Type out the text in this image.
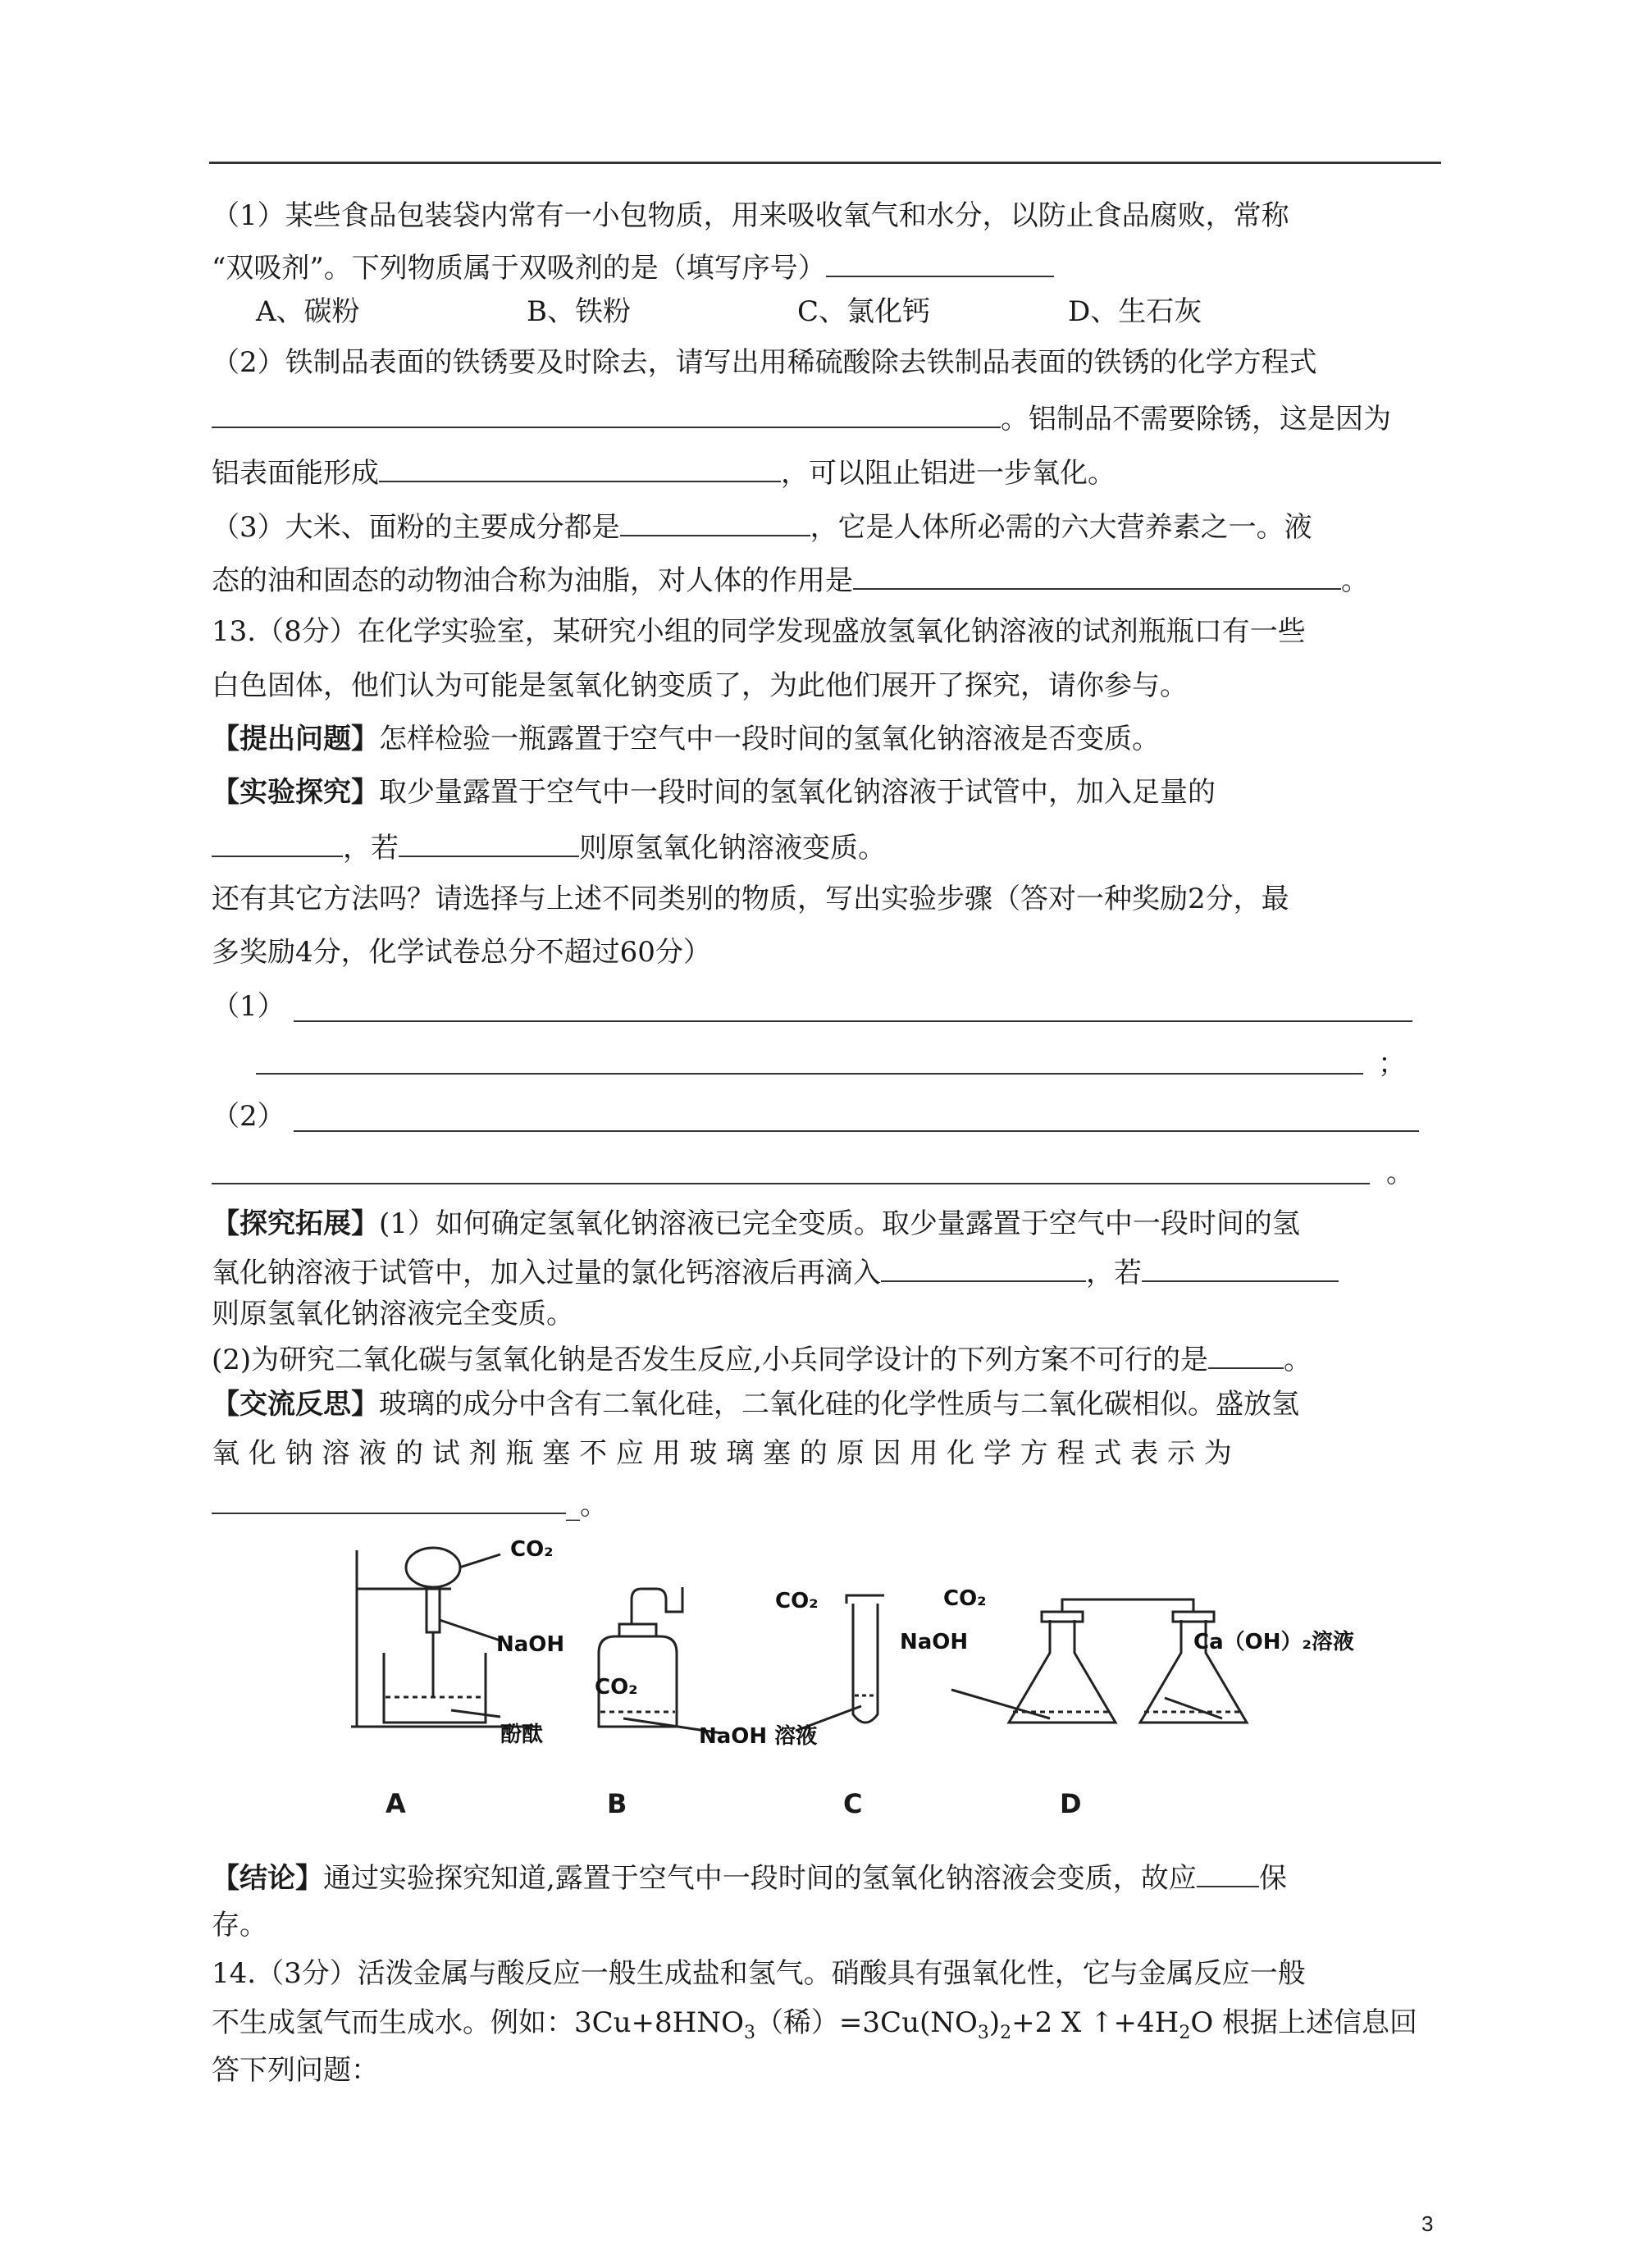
（1）某些食品包装袋内常有一小包物质，用来吸收氧气和水分，以防止食品腐败，常称
“双吸剂”。下列物质属于双吸剂的是（填写序号）
A、碳粉	B、铁粉	C、氯化钙	D、生石灰
（2）铁制品表面的铁锈要及时除去，请写出用稀硫酸除去铁制品表面的铁锈的化学方程式
。铝制品不需要除锈，这是因为
铝表面能形成	，可以阻止铝进一步氧化。
（3）大米、面粉的主要成分都是	，它是人体所必需的六大营养素之一。液
态的油和固态的动物油合称为油脂，对人体的作用是	。
13.（8分）在化学实验室，某研究小组的同学发现盛放氢氧化钠溶液的试剂瓶瓶口有一些
白色固体，他们认为可能是氢氧化钠变质了，为此他们展开了探究，请你参与。
【提出问题】怎样检验一瓶露置于空气中一段时间的氢氧化钠溶液是否变质。
【实验探究】取少量露置于空气中一段时间的氢氧化钠溶液于试管中，加入足量的
，若	则原氢氧化钠溶液变质。
还有其它方法吗？请选择与上述不同类别的物质，写出实验步骤（答对一种奖励2分，最
多奖励4分，化学试卷总分不超过60分）
（1）
；
（2）
。
【探究拓展】(1）如何确定氢氧化钠溶液已完全变质。取少量露置于空气中一段时间的氢
氧化钠溶液于试管中，加入过量的氯化钙溶液后再滴入	，若
则原氢氧化钠溶液完全变质。
(2)为研究二氧化碳与氢氧化钠是否发生反应,小兵同学设计的下列方案不可行的是	。
【交流反思】玻璃的成分中含有二氧化硅，二氧化硅的化学性质与二氧化碳相似。盛放氢
氧 化 钠 溶 液 的 试 剂 瓶 塞 不 应 用 玻 璃 塞 的 原 因 用 化 学 方 程 式 表 示 为
_。
CO₂
NaOH
酚酞
CO₂
NaOH 溶液
CO₂
NaOH
CO₂
Ca（OH）₂溶液
A	B	C	D
【结论】通过实验探究知道,露置于空气中一段时间的氢氧化钠溶液会变质，故应 保
存。
14.（3分）活泼金属与酸反应一般生成盐和氢气。硝酸具有强氧化性，它与金属反应一般
不生成氢气而生成水。例如：$3Cu+8HNO_3$（稀）$=3Cu(NO_3)_2+2$ X $↑+4H_2O$ 根据上述信息回
答下列问题：
3
